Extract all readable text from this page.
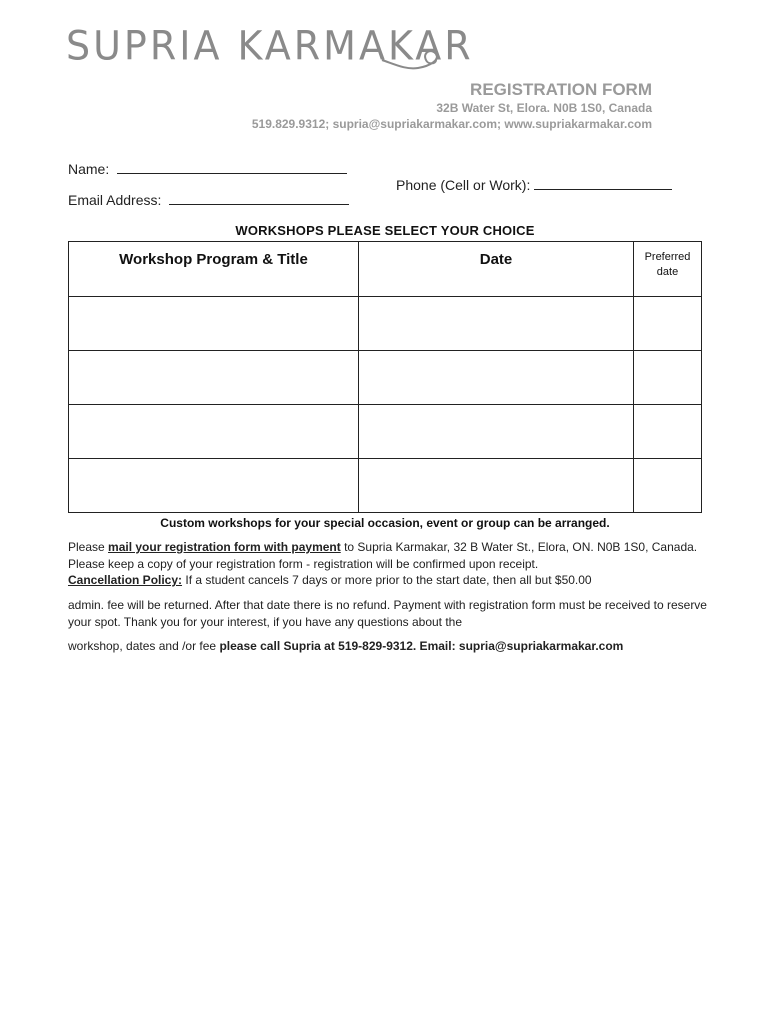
SUPRIA KARMAKAR
REGISTRATION FORM
32B Water St, Elora. N0B 1S0, Canada
519.829.9312; supria@supriakarmakar.com; www.supriakarmakar.com
Name:
Phone (Cell or Work):
Email Address:
WORKSHOPS PLEASE SELECT YOUR CHOICE
Workshop Program & Title	Date	Preferred
date

Custom workshops for your special occasion, event or group can be arranged.
Please mail your registration form with payment to Supria Karmakar, 32 B Water St., Elora, ON. N0B 1S0, Canada. Please keep a copy of your registration form - registration will be confirmed upon receipt.
Cancellation Policy: If a student cancels 7 days or more prior to the start date, then all but $50.00
admin. fee will be returned. After that date there is no refund. Payment with registration form must be received to reserve your spot. Thank you for your interest, if you have any questions about the
workshop, dates and /or fee please call Supria at 519-829-9312. Email: supria@supriakarmakar.com
